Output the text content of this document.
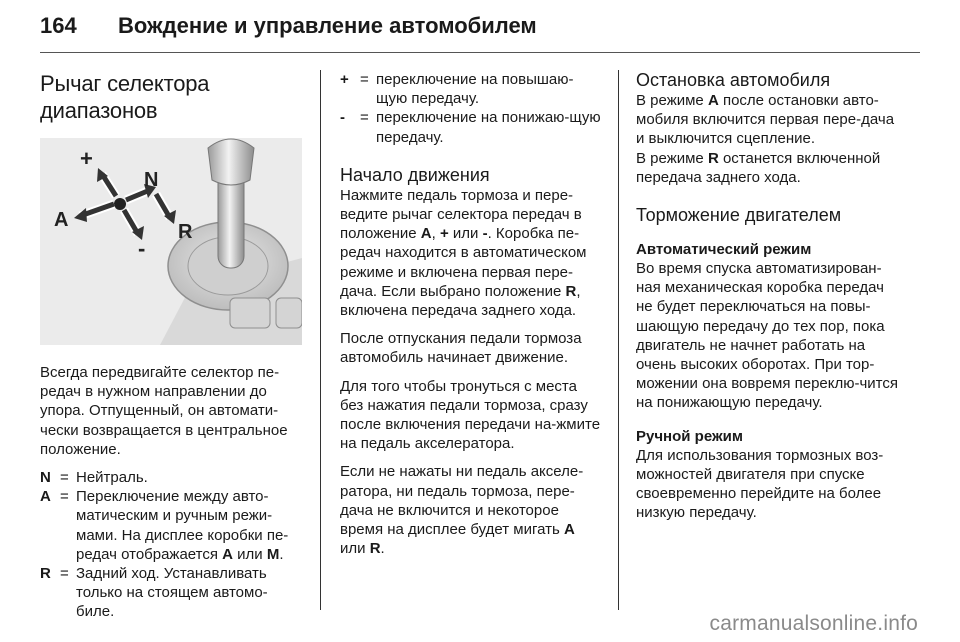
164 Вождение и управление автомобилем
Рычаг селектора диапазонов
+
-
N
R
A

Всегда передвигайте селектор пе-редач в нужном направлении до упора. Отпущенный, он автомати-чески возвращается в центральное положение.

N = Нейтраль.
A = Переключение между авто-матическим и ручным режи-мами. На дисплее коробки пе-редач отображается A или M.
R = Задний ход. Устанавливать только на стоящем автомо-биле.
+ = переключение на повышаю-щую передачу.
-	= переключение на понижаю-щую передачу.
Начало движения

Нажмите педаль тормоза и пере-ведите рычаг селектора передач в положение A, + или -. Коробка пе-редач находится в автоматическом режиме и включена первая пере-дача. Если выбрано положение R, включена передача заднего хода.

После отпускания педали тормоза автомобиль начинает движение.

Для того чтобы тронуться с места без нажатия педали тормоза, сразу после включения передачи на-жмите на педаль акселератора.

Если не нажаты ни педаль акселе-ратора, ни педаль тормоза, пере-дача не включится и некоторое время на дисплее будет мигать A или R.

Остановка автомобиля

В режиме A после остановки авто-мобиля включится первая пере-дача и выключится сцепление.

В режиме R останется включенной передача заднего хода.

Торможение двигателем
Автоматический режим

Во время спуска автоматизирован-ная механическая коробка передач не будет переключаться на повы-шающую передачу до тех пор, пока двигатель не начнет работать на очень высоких оборотах. При тор-можении она вовремя переклю-чится на понижающую передачу.

Ручной режим

Для использования тормозных воз-можностей двигателя при спуске своевременно перейдите на более низкую передачу.

carmanualsonline.info
